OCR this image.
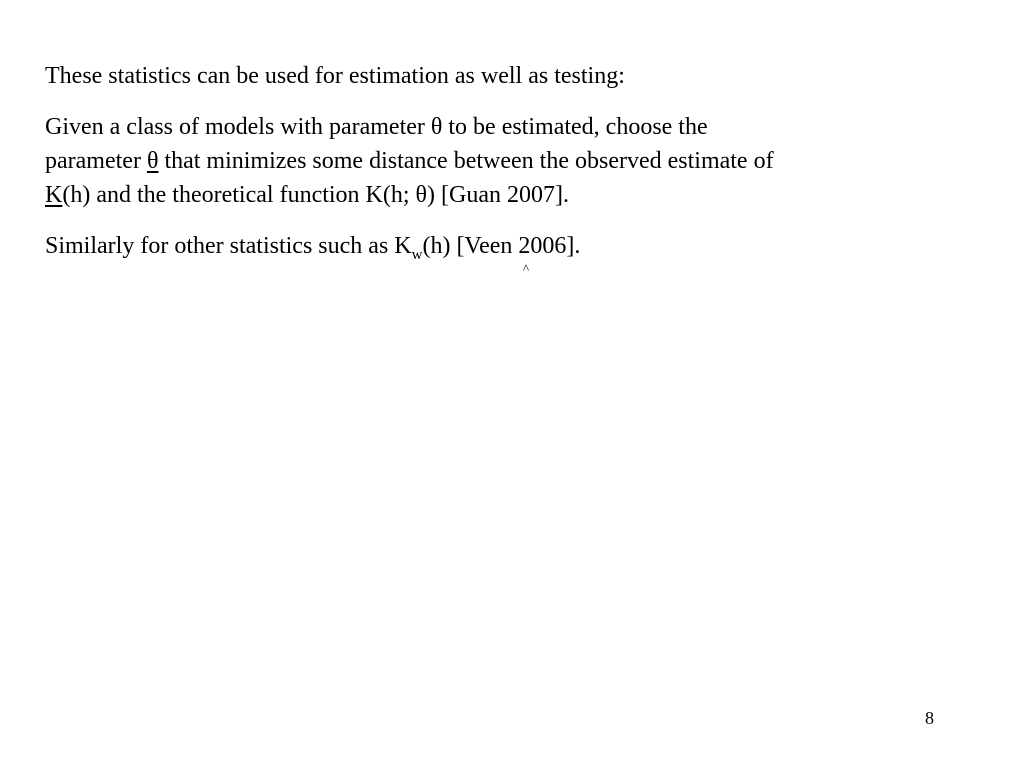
These statistics can be used for estimation as well as testing:
Given a class of models with parameter θ to be estimated, choose the
parameter θ that minimizes some distance between the observed estimate of
K(h) and the theoretical function K(h; θ) [Guan 2007].
Similarly for other statistics such as $K_w(h)$ [Veen 2006].
^
8
